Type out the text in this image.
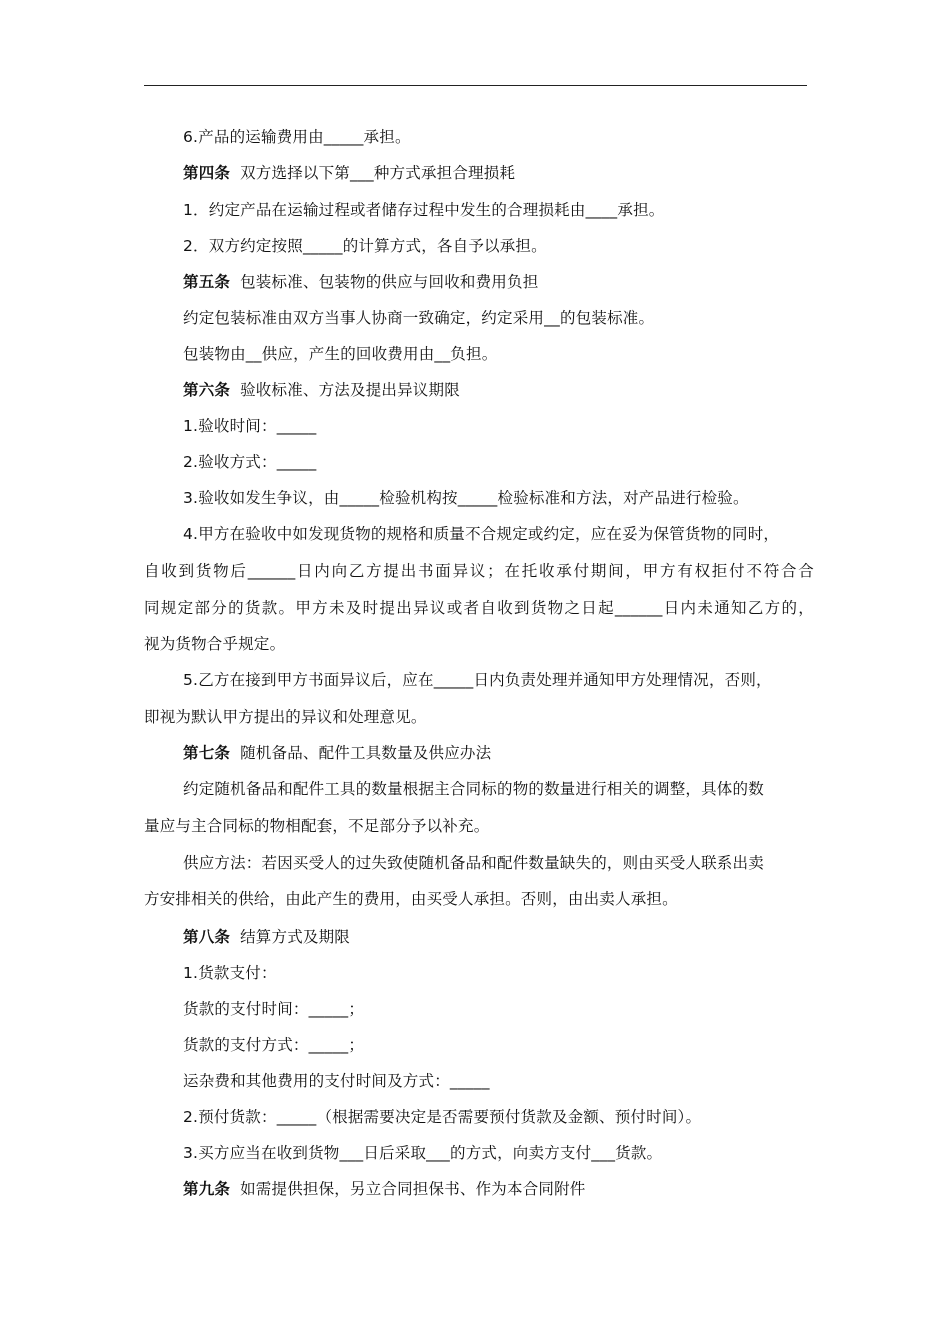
6.产品的运输费用由_____承担。
第四条 双方选择以下第___种方式承担合理损耗
1．约定产品在运输过程或者储存过程中发生的合理损耗由____承担。
2．双方约定按照_____的计算方式，各自予以承担。
第五条 包装标准、包装物的供应与回收和费用负担
约定包装标准由双方当事人协商一致确定，约定采用__的包装标准。
包装物由__供应，产生的回收费用由__负担。
第六条 验收标准、方法及提出异议期限
1.验收时间：_____
2.验收方式：_____
3.验收如发生争议，由_____检验机构按_____检验标准和方法，对产品进行检验。
4.甲方在验收中如发现货物的规格和质量不合规定或约定，应在妥为保管货物的同时，
自收到货物后______日内向乙方提出书面异议；在托收承付期间，甲方有权拒付不符合合
同规定部分的货款。甲方未及时提出异议或者自收到货物之日起______日内未通知乙方的，
视为货物合乎规定。
5.乙方在接到甲方书面异议后，应在_____日内负责处理并通知甲方处理情况，否则，
即视为默认甲方提出的异议和处理意见。
第七条 随机备品、配件工具数量及供应办法
约定随机备品和配件工具的数量根据主合同标的物的数量进行相关的调整，具体的数
量应与主合同标的物相配套，不足部分予以补充。
供应方法：若因买受人的过失致使随机备品和配件数量缺失的，则由买受人联系出卖
方安排相关的供给，由此产生的费用，由买受人承担。否则，由出卖人承担。
第八条 结算方式及期限
1.货款支付：
货款的支付时间：_____；
货款的支付方式：_____；
运杂费和其他费用的支付时间及方式：_____
2.预付货款：_____（根据需要决定是否需要预付货款及金额、预付时间）。
3.买方应当在收到货物___日后采取___的方式，向卖方支付___货款。
第九条 如需提供担保，另立合同担保书、作为本合同附件
